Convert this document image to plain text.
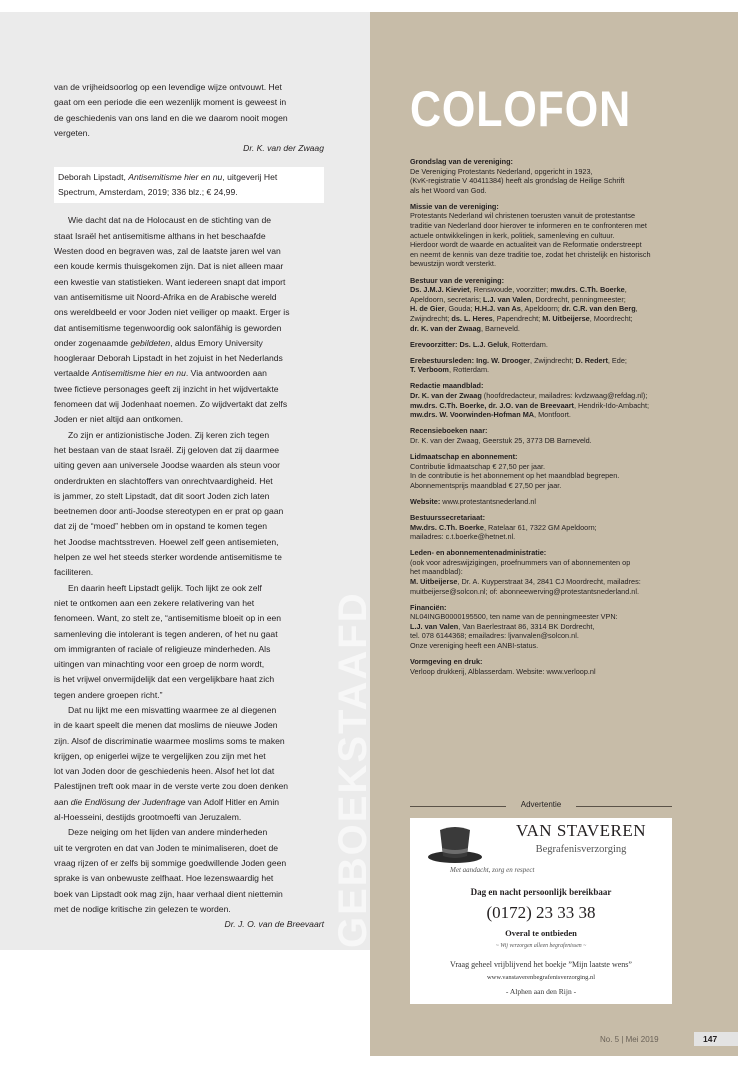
van de vrijheidsoorlog op een levendige wijze ontvouwt. Het
gaat om een periode die een wezenlijk moment is geweest in
de geschiedenis van ons land en die we daarom nooit mogen
vergeten.

Dr. K. van der Zwaag

Deborah Lipstadt, Antisemitisme hier en nu, uitgeverij Het
Spectrum, Amsterdam, 2019; 336 blz.; € 24,99.

Wie dacht dat na de Holocaust en de stichting van de
staat Israël het antisemitisme althans in het beschaafde
Westen dood en begraven was, zal de laatste jaren wel van
een koude kermis thuisgekomen zijn. Dat is niet alleen maar
een kwestie van statistieken. Want iedereen snapt dat import
van antisemitisme uit Noord-Afrika en de Arabische wereld
ons wereldbeeld er voor Joden niet veiliger op maakt. Erger is
dat antisemitisme tegenwoordig ook salonfähig is geworden
onder zogenaamde gebildeten, aldus Emory University
hoogleraar Deborah Lipstadt in het zojuist in het Nederlands
vertaalde Antisemitisme hier en nu. Via antwoorden aan
twee fictieve personages geeft zij inzicht in het wijdvertakte
fenomeen dat wij Jodenhaat noemen. Zo wijdvertakt dat zelfs
Joden er niet altijd aan ontkomen.

Zo zijn er antizionistische Joden. Zij keren zich tegen
het bestaan van de staat Israël. Zij geloven dat zij daarmee
uiting geven aan universele Joodse waarden als steun voor
onderdrukten en slachtoffers van onrechtvaardigheid. Het
is jammer, zo stelt Lipstadt, dat dit soort Joden zich laten
beetnemen door anti-Joodse stereotypen en er prat op gaan
dat zij de “moed” hebben om in opstand te komen tegen
het Joodse machtsstreven. Hoewel zelf geen antisemieten,
helpen ze wel het steeds sterker wordende antisemitisme te
faciliteren.

En daarin heeft Lipstadt gelijk. Toch lijkt ze ook zelf
niet te ontkomen aan een zekere relativering van het
fenomeen. Want, zo stelt ze, “antisemitisme bloeit op in een
samenleving die intolerant is tegen anderen, of het nu gaat
om immigranten of raciale of religieuze minderheden. Als
uitingen van minachting voor een groep de norm wordt,
is het vrijwel onvermijdelijk dat een vergelijkbare haat zich
tegen andere groepen richt.”

Dat nu lijkt me een misvatting waarmee ze al diegenen
in de kaart speelt die menen dat moslims de nieuwe Joden
zijn. Alsof de discriminatie waarmee moslims soms te maken
krijgen, op enigerlei wijze te vergelijken zou zijn met het
lot van Joden door de geschiedenis heen. Alsof het lot dat
Palestijnen treft ook maar in de verste verte zou doen denken
aan die Endlösung der Judenfrage van Adolf Hitler en Amin
al-Hoesseini, destijds grootmoefti van Jeruzalem.

Deze neiging om het lijden van andere minderheden
uit te vergroten en dat van Joden te minimaliseren, doet de
vraag rijzen of er zelfs bij sommige goedwillende Joden geen
sprake is van onbewuste zelfhaat. Hoe lezenswaardig het
boek van Lipstadt ook mag zijn, haar verhaal dient niettemin
met de nodige kritische zin gelezen te worden.

Dr. J. O. van de Breevaart GEBOEKSTAAFD
COLOFON
Grondslag van de vereniging:
De Vereniging Protestants Nederland, opgericht in 1923,
(KvK-registratie V 40411384) heeft als grondslag de Heilige Schrift
als het Woord van God.
Missie van de vereniging:
Protestants Nederland wil christenen toerusten vanuit de protestantse
traditie van Nederland door hierover te informeren en te confronteren met
actuele ontwikkelingen in kerk, politiek, samenleving en cultuur.
Hierdoor wordt de waarde en actualiteit van de Reformatie onderstreept
en neemt de kennis van deze traditie toe, zodat het christelijk en historisch
bewustzijn wordt versterkt.
Bestuur van de vereniging:
Ds. J.M.J. Kieviet, Renswoude, voorzitter; mw.drs. C.Th. Boerke,
Apeldoorn, secretaris; L.J. van Valen, Dordrecht, penningmeester;
H. de Gier, Gouda; H.H.J. van As, Apeldoorn; dr. C.R. van den Berg,
Zwijndrecht; ds. L. Heres, Papendrecht; M. Uitbeijerse, Moordrecht;
dr. K. van der Zwaag, Barneveld.
Erevoorzitter: Ds. L.J. Geluk, Rotterdam.
Erebestuursleden: Ing. W. Drooger, Zwijndrecht; D. Redert, Ede;
T. Verboom, Rotterdam.
Redactie maandblad:
Dr. K. van der Zwaag (hoofdredacteur, mailadres: kvdzwaag@refdag.nl);
mw.drs. C.Th. Boerke, dr. J.O. van de Breevaart, Hendrik-Ido-Ambacht;
mw.drs. W. Voorwinden-Hofman MA, Montfoort.
Recensieboeken naar:
Dr. K. van der Zwaag, Geerstuk 25, 3773 DB Barneveld.
Lidmaatschap en abonnement:
Contributie lidmaatschap € 27,50 per jaar.
In de contributie is het abonnement op het maandblad begrepen.
Abonnementsprijs maandblad € 27,50 per jaar.
Website: www.protestantsnederland.nl
Bestuurssecretariaat:
Mw.drs. C.Th. Boerke, Ratelaar 61, 7322 GM Apeldoorn;
mailadres: c.t.boerke@hetnet.nl.
Leden- en abonnementenadministratie:
(ook voor adreswijzigingen, proefnummers van of abonnementen op
het maandblad):
M. Uitbeijerse, Dr. A. Kuyperstraat 34, 2841 CJ Moordrecht, mailadres:
muitbeijerse@solcon.nl; of: abonneewerving@protestantsnederland.nl.
Financiën:
NL04INGB0000195500, ten name van de penningmeester VPN:
L.J. van Valen, Van Baerlestraat 86, 3314 BK Dordrecht,
tel. 078 6144368; emailadres: ljvanvalen@solcon.nl.
Onze vereniging heeft een ANBI-status.
Vormgeving en druk:
Verloop drukkerij, Alblasserdam. Website: www.verloop.nl
Advertentie
VAN STAVEREN
Begrafenisverzorging
Met aandacht, zorg en respect
Dag en nacht persoonlijk bereikbaar
(0172) 23 33 38
Overal te ontbieden
~ Wij verzorgen alleen begrafenissen ~
Vraag geheel vrijblijvend het boekje ”Mijn laatste wens”
www.vanstaverenbegrafenisverzorging.nl
- Alphen aan den Rijn -
No. 5 | Mei 2019	147
